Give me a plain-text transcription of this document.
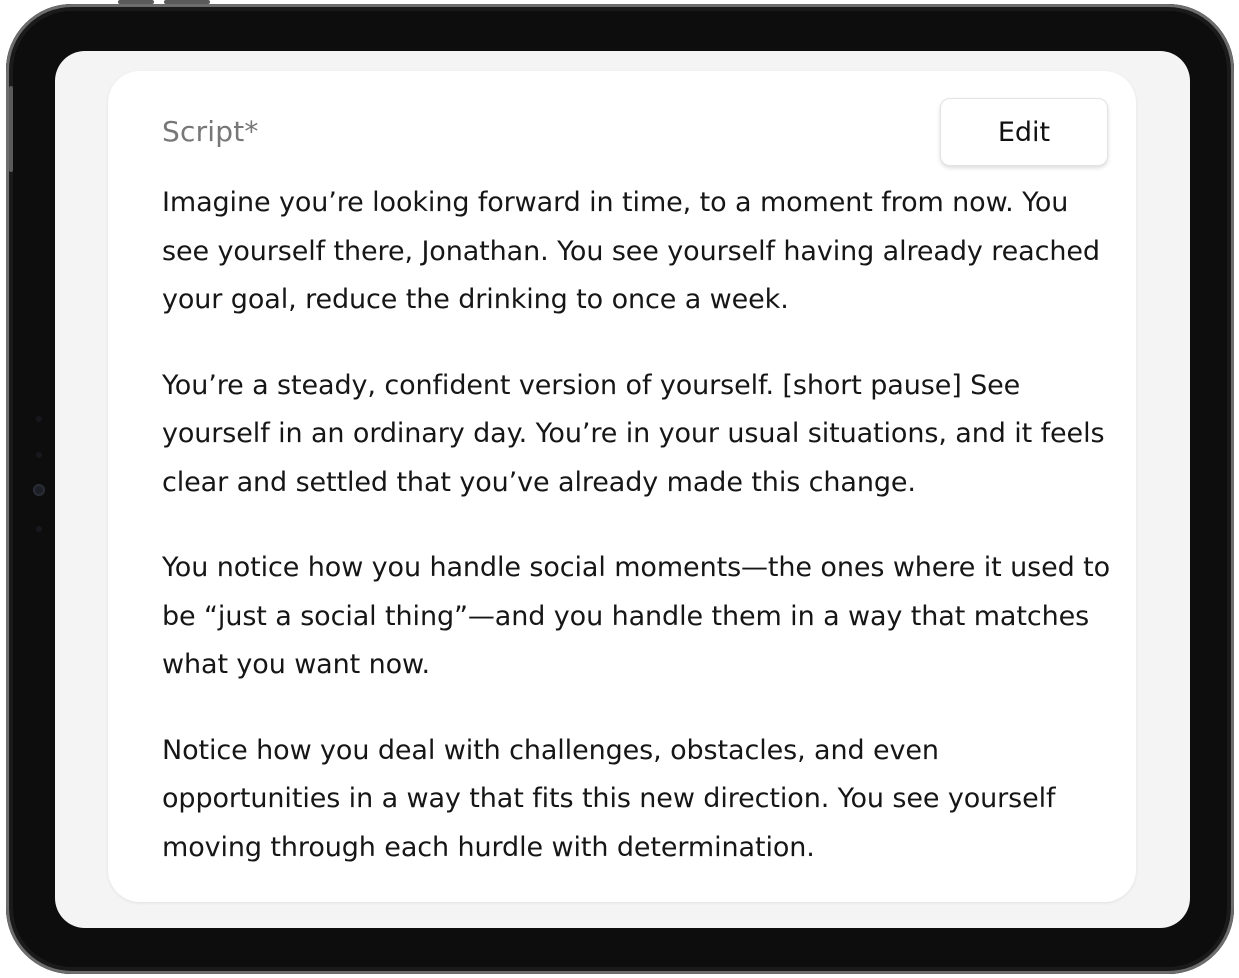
Script*	Edit

Imagine you’re looking forward in time, to a moment from now. You see yourself there, Jonathan. You see yourself having already reached your goal, reduce the drinking to once a week.

You’re a steady, confident version of yourself. [short pause] See yourself in an ordinary day. You’re in your usual situations, and it feels clear and settled that you’ve already made this change.

You notice how you handle social moments—the ones where it used to be “just a social thing”—and you handle them in a way that matches what you want now.

Notice how you deal with challenges, obstacles, and even opportunities in a way that fits this new direction. You see yourself moving through each hurdle with determination.
